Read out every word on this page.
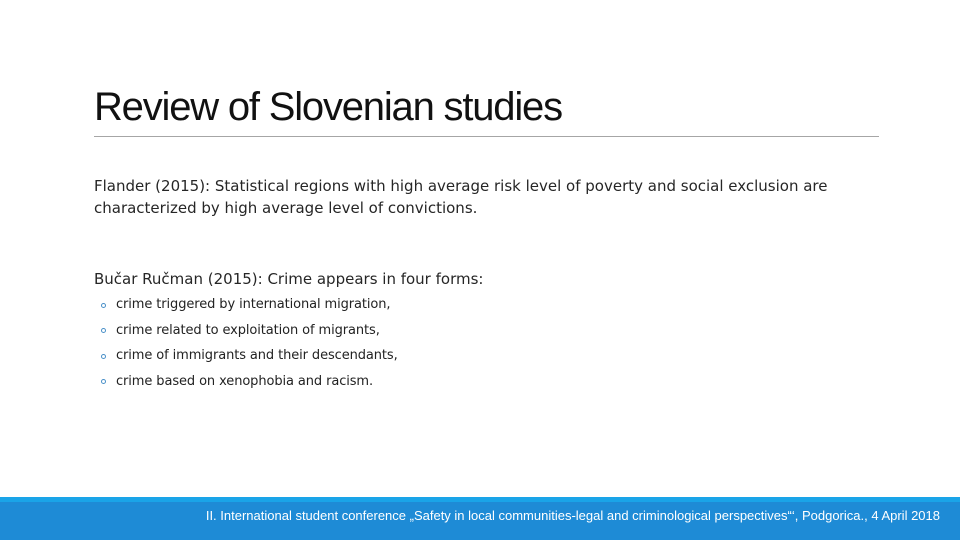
Review of Slovenian studies
Flander (2015): Statistical regions with high average risk level of poverty and social exclusion are characterized by high average level of convictions.
Bučar Ručman (2015): Crime appears in four forms:
crime triggered by international migration,
crime related to exploitation of migrants,
crime of immigrants and their descendants,
crime based on xenophobia and racism.
II. International student conference „Safety in local communities-legal and criminological perspectives“‘, Podgorica., 4 April 2018
